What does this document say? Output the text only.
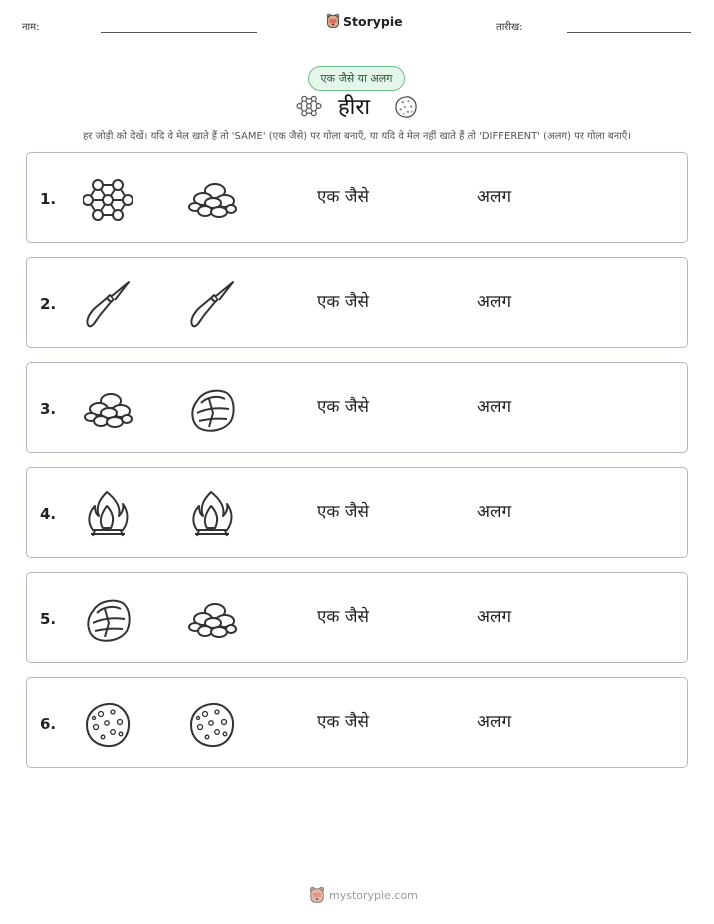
नाम:	Storypie	तारीख:
एक जैसे या अलग
हीरा
हर जोड़ी को देखें। यदि वे मेल खाते हैं तो 'SAME' (एक जैसे) पर गोला बनाएँ, या यदि वे मेल नहीं खाते हैं तो 'DIFFERENT' (अलग) पर गोला बनाएँ।
1.	एक जैसे	अलग
2.	एक जैसे	अलग
3.	एक जैसे	अलग
4.	एक जैसे	अलग
5.	एक जैसे	अलग
6.	एक जैसे	अलग
mystorypie.com
